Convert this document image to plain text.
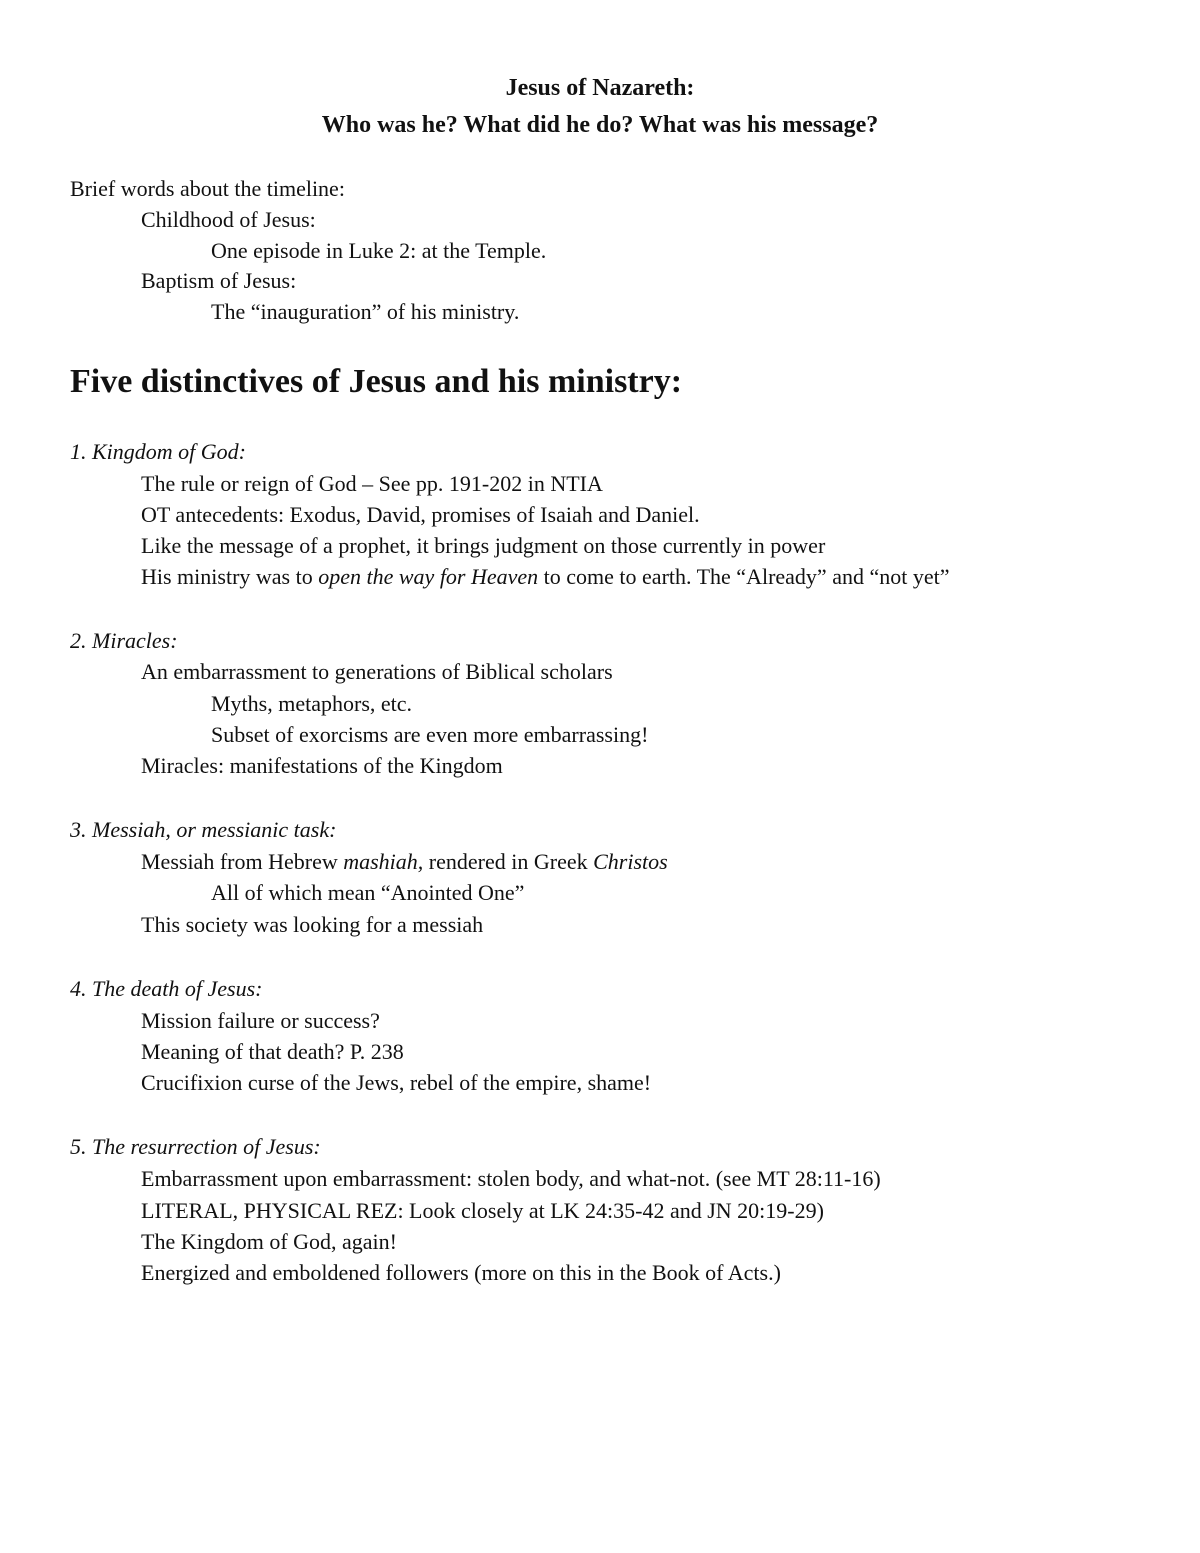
Jesus of Nazareth:
Who was he? What did he do? What was his message?
Brief words about the timeline:
Childhood of Jesus:
One episode in Luke 2: at the Temple.
Baptism of Jesus:
The “inauguration” of his ministry.
Five distinctives of Jesus and his ministry:
1. Kingdom of God:
The rule or reign of God – See pp. 191-202 in NTIA
OT antecedents: Exodus, David, promises of Isaiah and Daniel.
Like the message of a prophet, it brings judgment on those currently in power
His ministry was to open the way for Heaven to come to earth. The “Already” and “not yet”
2. Miracles:
An embarrassment to generations of Biblical scholars
Myths, metaphors, etc.
Subset of exorcisms are even more embarrassing!
Miracles: manifestations of the Kingdom
3. Messiah, or messianic task:
Messiah from Hebrew mashiah, rendered in Greek Christos
All of which mean “Anointed One”
This society was looking for a messiah
4. The death of Jesus:
Mission failure or success?
Meaning of that death? P. 238
Crucifixion curse of the Jews, rebel of the empire, shame!
5. The resurrection of Jesus:
Embarrassment upon embarrassment: stolen body, and what-not. (see MT 28:11-16)
LITERAL, PHYSICAL REZ: Look closely at LK 24:35-42 and JN 20:19-29)
The Kingdom of God, again!
Energized and emboldened followers (more on this in the Book of Acts.)
